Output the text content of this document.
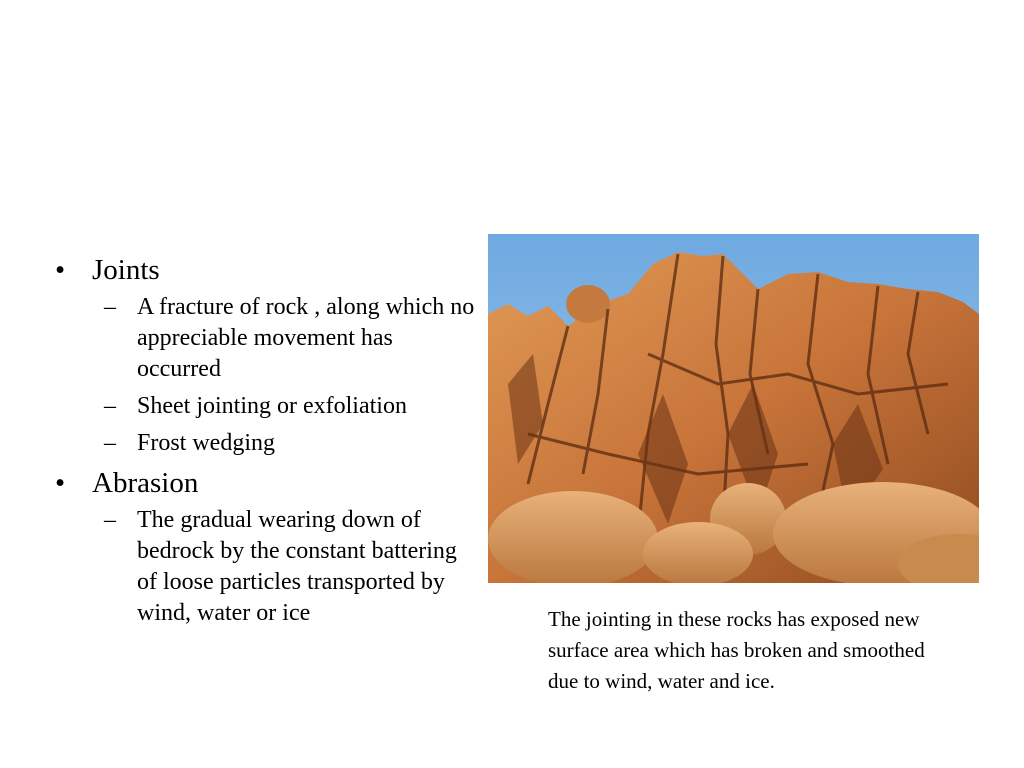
• Joints
– A fracture of rock , along which no appreciable movement has occurred
– Sheet jointing or exfoliation
– Frost wedging
• Abrasion
– The gradual wearing down of bedrock by the constant battering of loose particles transported by wind, water or ice	The jointing in these rocks has exposed new surface area which has broken and smoothed due to wind, water and ice.
